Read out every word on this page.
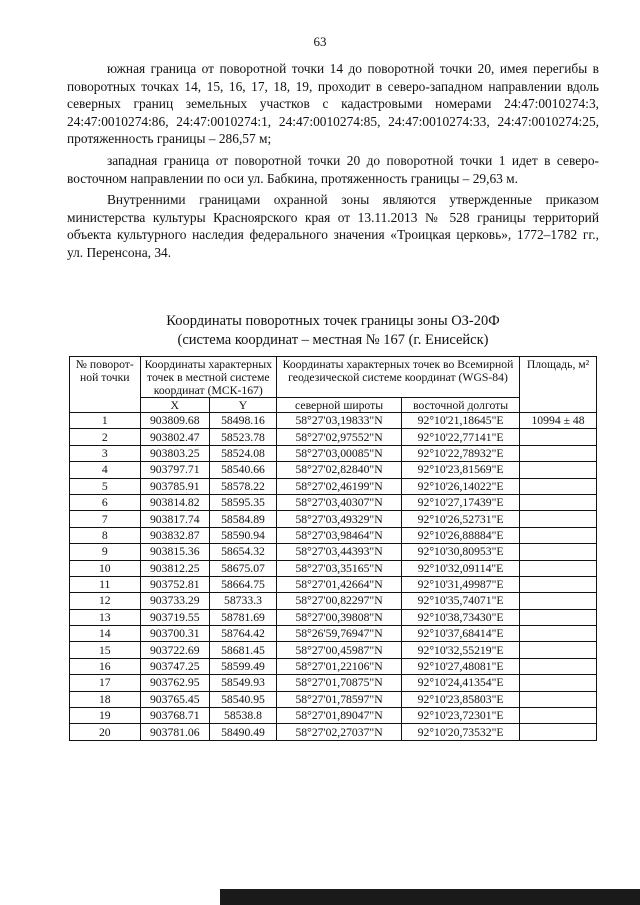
63

южная граница от поворотной точки 14 до поворотной точки 20, имея перегибы в поворотных точках 14, 15, 16, 17, 18, 19, проходит в северо-западном направлении вдоль северных границ земельных участков с кадастровыми номерами 24:47:0010274:3, 24:47:0010274:86, 24:47:0010274:1, 24:47:0010274:85, 24:47:0010274:33, 24:47:0010274:25, протяженность границы – 286,57 м;

западная граница от поворотной точки 20 до поворотной точки 1 идет в северо-восточном направлении по оси ул. Бабкина, протяженность границы – 29,63 м.

Внутренними границами охранной зоны являются утвержденные приказом министерства культуры Красноярского края от 13.11.2013 № 528 границы территорий объекта культурного наследия федерального значения «Троицкая церковь», 1772–1782 гг., ул. Перенсона, 34.

Координаты поворотных точек границы зоны ОЗ-20Ф
(система координат – местная № 167 (г. Енисейск)
№ поворот-ной точки	Координаты характерных точек в местной системе координат (МСК-167)		Координаты характерных точек во Всемирной геодезической системе координат (WGS-84)		Площадь, м²
	X	Y	северной широты	восточной долготы	
1	903809.68	58498.16	58°27'03,19833"N	92°10'21,18645"E	10994 ± 48
2	903802.47	58523.78	58°27'02,97552"N	92°10'22,77141"E	
3	903803.25	58524.08	58°27'03,00085"N	92°10'22,78932"E	
4	903797.71	58540.66	58°27'02,82840"N	92°10'23,81569"E	
5	903785.91	58578.22	58°27'02,46199"N	92°10'26,14022"E	
6	903814.82	58595.35	58°27'03,40307"N	92°10'27,17439"E	
7	903817.74	58584.89	58°27'03,49329"N	92°10'26,52731"E	
8	903832.87	58590.94	58°27'03,98464"N	92°10'26,88884"E	
9	903815.36	58654.32	58°27'03,44393"N	92°10'30,80953"E	
10	903812.25	58675.07	58°27'03,35165"N	92°10'32,09114"E	
11	903752.81	58664.75	58°27'01,42664"N	92°10'31,49987"E	
12	903733.29	58733.3	58°27'00,82297"N	92°10'35,74071"E	
13	903719.55	58781.69	58°27'00,39808"N	92°10'38,73430"E	
14	903700.31	58764.42	58°26'59,76947"N	92°10'37,68414"E	
15	903722.69	58681.45	58°27'00,45987"N	92°10'32,55219"E	
16	903747.25	58599.49	58°27'01,22106"N	92°10'27,48081"E	
17	903762.95	58549.93	58°27'01,70875"N	92°10'24,41354"E	
18	903765.45	58540.95	58°27'01,78597"N	92°10'23,85803"E	
19	903768.71	58538.8	58°27'01,89047"N	92°10'23,72301"E	
20	903781.06	58490.49	58°27'02,27037"N	92°10'20,73532"E	
